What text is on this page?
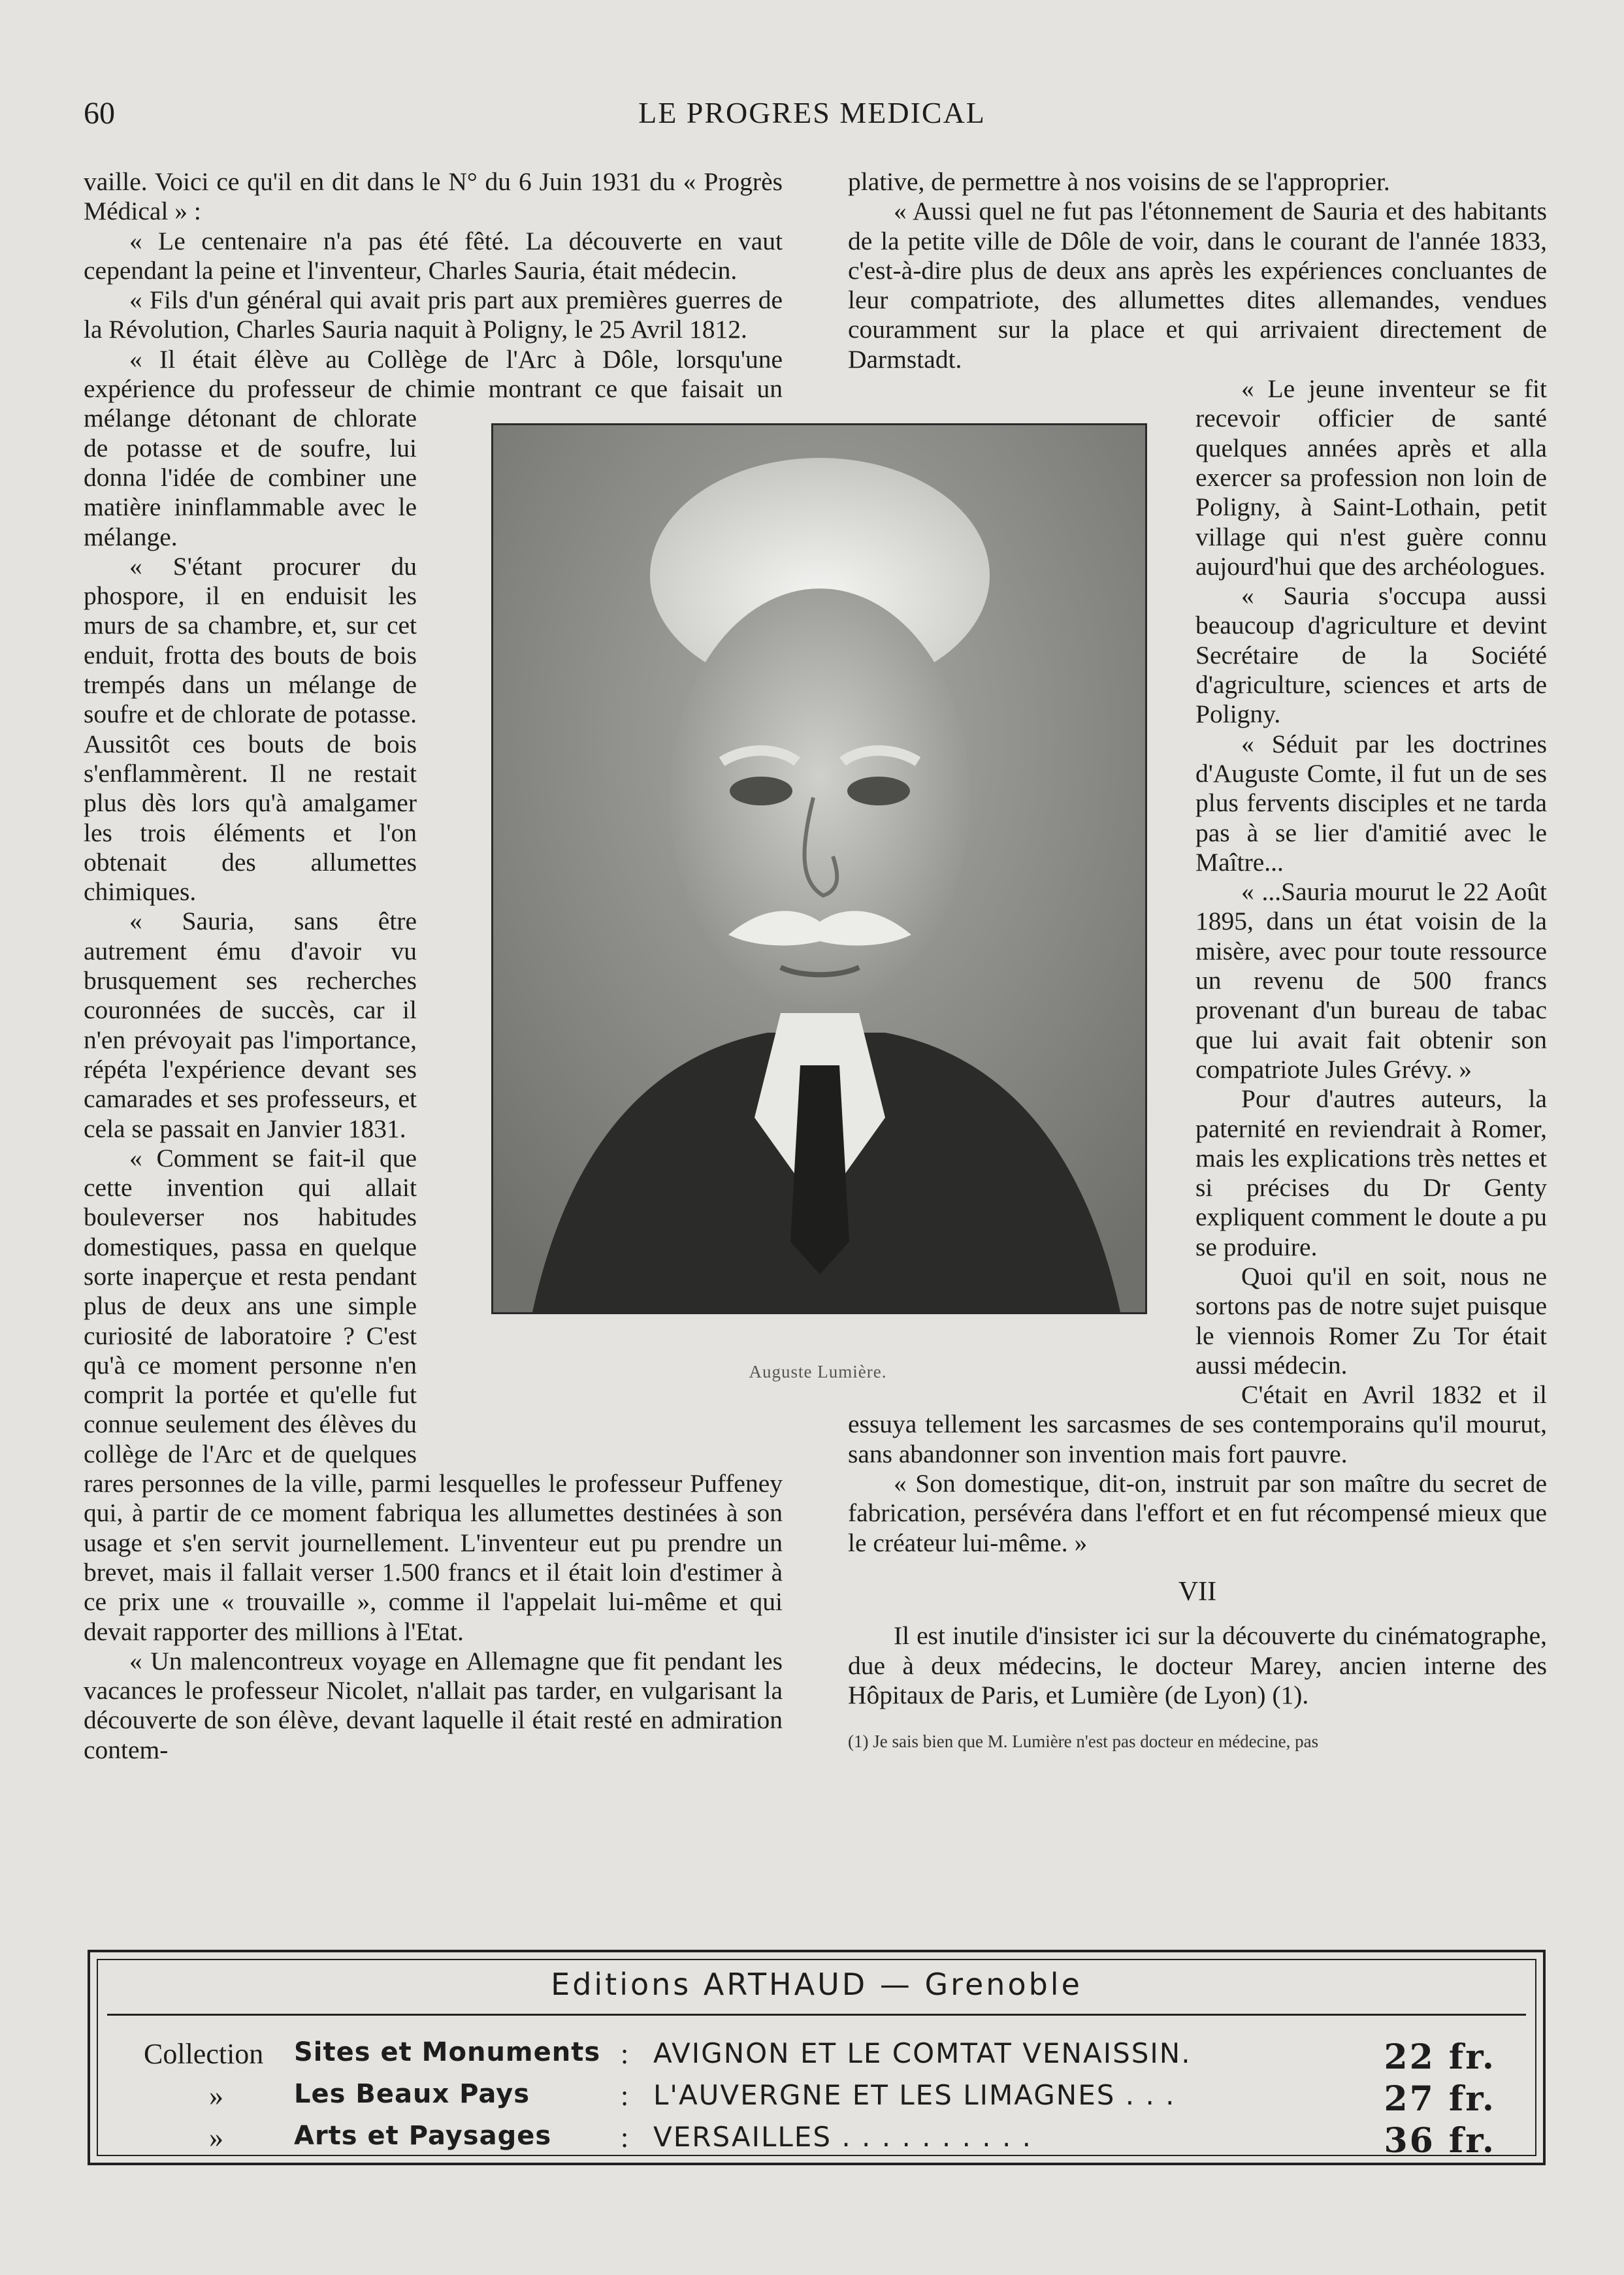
60	LE PROGRES MEDICAL

vaille. Voici ce qu'il en dit dans le N° du 6 Juin 1931 du « Progrès Médical » :

« Le centenaire n'a pas été fêté. La découverte en vaut cependant la peine et l'inventeur, Charles Sauria, était médecin.

« Fils d'un général qui avait pris part aux premières guerres de la Révolution, Charles Sauria naquit à Poligny, le 25 Avril 1812.

« Il était élève au Collège de l'Arc à Dôle, lorsqu'une expérience du professeur de chimie montrant ce que faisait un mélange détonant de chlorate de potasse et de soufre, lui donna l'idée de combiner une matière ininflammable avec le mélange.

« S'étant procurer du phospore, il en enduisit les murs de sa chambre, et, sur cet enduit, frotta des bouts de bois trempés dans un mélange de soufre et de chlorate de potasse. Aussitôt ces bouts de bois s'enflammèrent. Il ne restait plus dès lors qu'à amalgamer les trois éléments et l'on obtenait des allumettes chimiques.

« Sauria, sans être autrement ému d'avoir vu brusquement ses recherches couronnées de succès, car il n'en prévoyait pas l'importance, répéta l'expérience devant ses camarades et ses professeurs, et cela se passait en Janvier 1831.

« Comment se fait-il que cette invention qui allait bouleverser nos habitudes domestiques, passa en quelque sorte inaperçue et resta pendant plus de deux ans une simple curiosité de laboratoire ? C'est qu'à ce moment personne n'en comprit la portée et qu'elle fut connue seulement des élèves du collège de l'Arc et de quelques rares personnes de la ville, parmi lesquelles le professeur Puffeney qui, à partir de ce moment fabriqua les allumettes destinées à son usage et s'en servit journellement. L'inventeur eut pu prendre un brevet, mais il fallait verser 1.500 francs et il était loin d'estimer à ce prix une « trouvaille », comme il l'appelait lui-même et qui devait rapporter des millions à l'Etat.

« Un malencontreux voyage en Allemagne que fit pendant les vacances le professeur Nicolet, n'allait pas tarder, en vulgarisant la découverte de son élève, devant laquelle il était resté en admiration contem-

plative, de permettre à nos voisins de se l'approprier.

« Aussi quel ne fut pas l'étonnement de Sauria et des habitants de la petite ville de Dôle de voir, dans le courant de l'année 1833, c'est-à-dire plus de deux ans après les expériences concluantes de leur compatriote, des allumettes dites allemandes, vendues couramment sur la place et qui arrivaient directement de Darmstadt.

« Le jeune inventeur se fit recevoir officier de santé quelques années après et alla exercer sa profession non loin de Poligny, à Saint-Lothain, petit village qui n'est guère connu aujourd'hui que des archéologues.

« Sauria s'occupa aussi beaucoup d'agriculture et devint Secrétaire de la Société d'agriculture, sciences et arts de Poligny.

« Séduit par les doctrines d'Auguste Comte, il fut un de ses plus fervents disciples et ne tarda pas à se lier d'amitié avec le Maître...

« ...Sauria mourut le 22 Août 1895, dans un état voisin de la misère, avec pour toute ressource un revenu de 500 francs provenant d'un bureau de tabac que lui avait fait obtenir son compatriote Jules Grévy. »

Pour d'autres auteurs, la paternité en reviendrait à Romer, mais les explications très nettes et si précises du Dr Genty expliquent comment le doute a pu se produire.

Quoi qu'il en soit, nous ne sortons pas de notre sujet puisque le viennois Romer Zu Tor était aussi médecin.

C'était en Avril 1832 et il essuya tellement les sarcasmes de ses contemporains qu'il mourut, sans abandonner son invention mais fort pauvre.

« Son domestique, dit-on, instruit par son maître du secret de fabrication, persévéra dans l'effort et en fut récompensé mieux que le créateur lui-même. »

VII

Il est inutile d'insister ici sur la découverte du cinématographe, due à deux médecins, le docteur Marey, ancien interne des Hôpitaux de Paris, et Lumière (de Lyon) (1).

(1) Je sais bien que M. Lumière n'est pas docteur en médecine, pas

Auguste Lumière.
Editions ARTHAUD — Grenoble
Collection	Sites et Monuments : AVIGNON ET LE COMTAT VENAISSIN.	22 fr.
»	Les Beaux Pays	: L'AUVERGNE ET LES LIMAGNES . . .	27 fr.
»	Arts et Paysages : VERSAILLES . . . . . . . . . .	36 fr.
